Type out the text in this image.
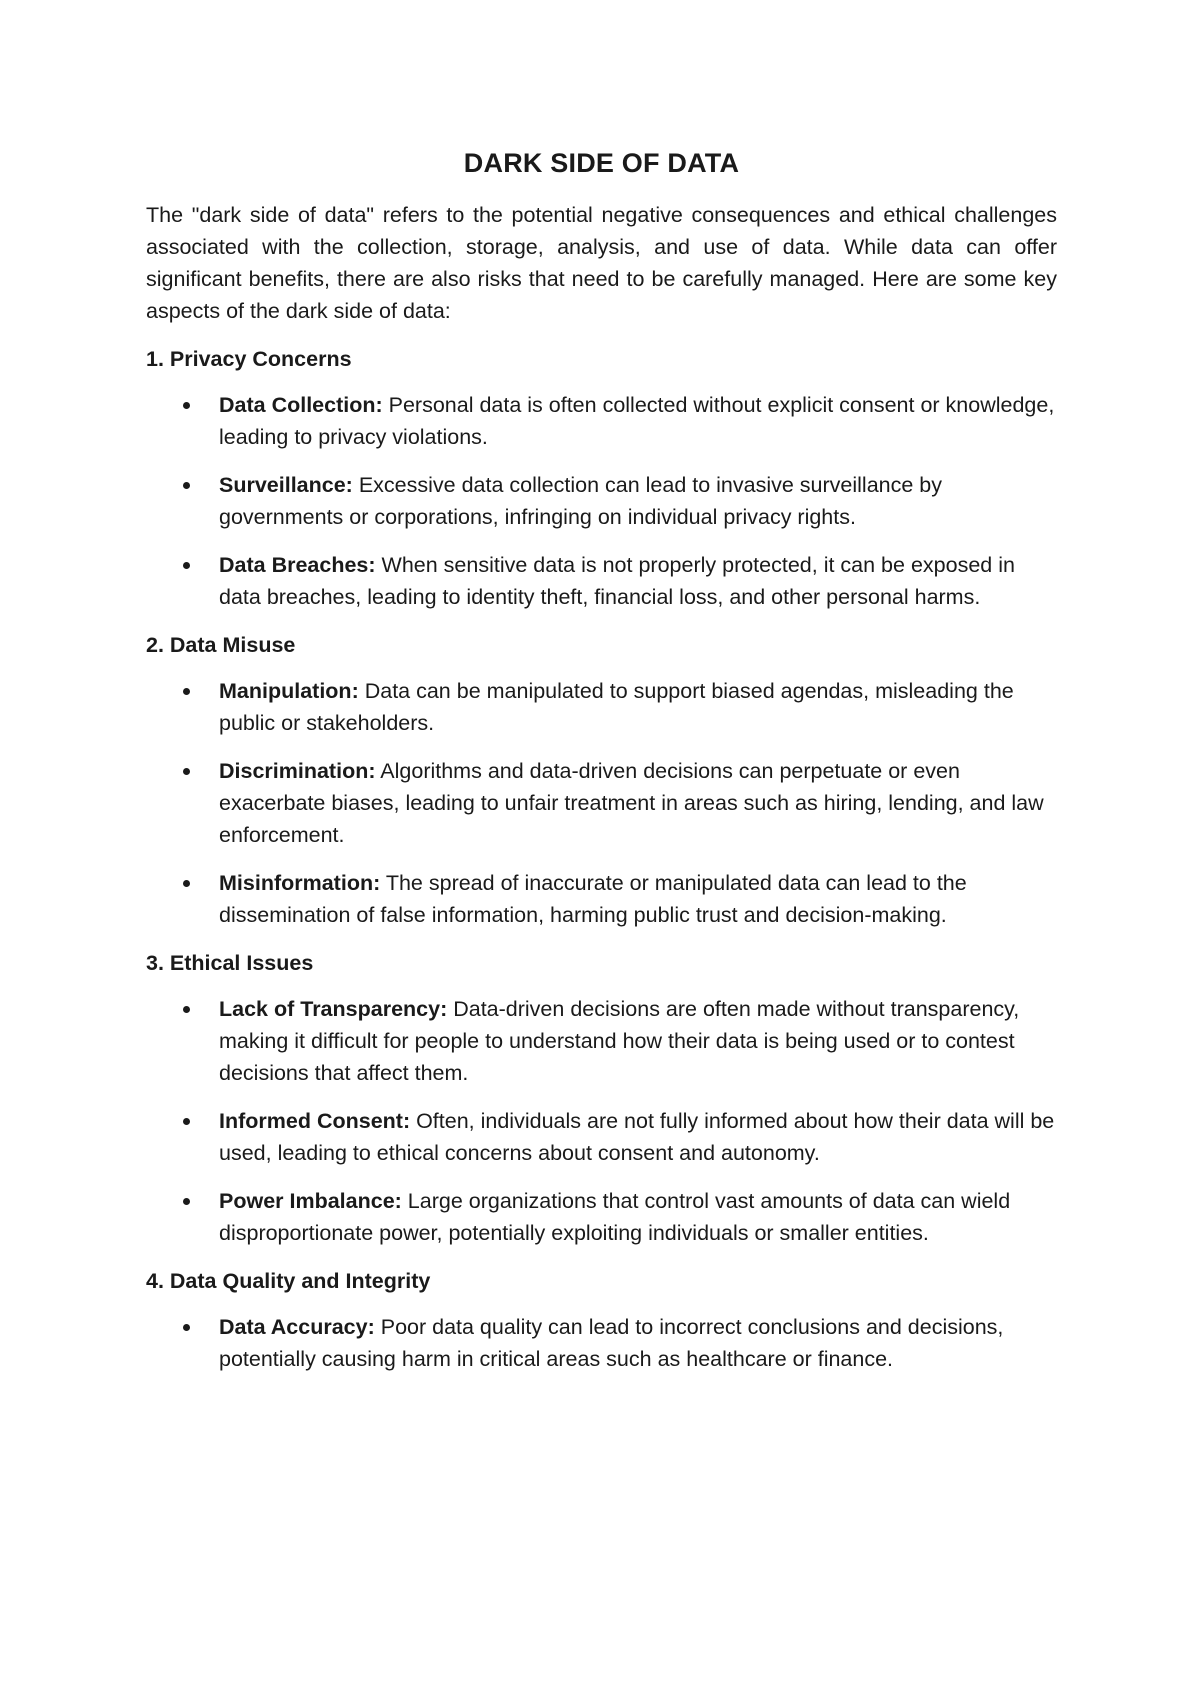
DARK SIDE OF DATA

The "dark side of data" refers to the potential negative consequences and ethical challenges associated with the collection, storage, analysis, and use of data. While data can offer significant benefits, there are also risks that need to be carefully managed. Here are some key aspects of the dark side of data:

1. Privacy Concerns
Data Collection: Personal data is often collected without explicit consent or knowledge, leading to privacy violations.
Surveillance: Excessive data collection can lead to invasive surveillance by governments or corporations, infringing on individual privacy rights.
Data Breaches: When sensitive data is not properly protected, it can be exposed in data breaches, leading to identity theft, financial loss, and other personal harms.
2. Data Misuse
Manipulation: Data can be manipulated to support biased agendas, misleading the public or stakeholders.
Discrimination: Algorithms and data-driven decisions can perpetuate or even exacerbate biases, leading to unfair treatment in areas such as hiring, lending, and law enforcement.
Misinformation: The spread of inaccurate or manipulated data can lead to the dissemination of false information, harming public trust and decision-making.
3. Ethical Issues
Lack of Transparency: Data-driven decisions are often made without transparency, making it difficult for people to understand how their data is being used or to contest decisions that affect them.
Informed Consent: Often, individuals are not fully informed about how their data will be used, leading to ethical concerns about consent and autonomy.
Power Imbalance: Large organizations that control vast amounts of data can wield disproportionate power, potentially exploiting individuals or smaller entities.
4. Data Quality and Integrity
Data Accuracy: Poor data quality can lead to incorrect conclusions and decisions, potentially causing harm in critical areas such as healthcare or finance.
